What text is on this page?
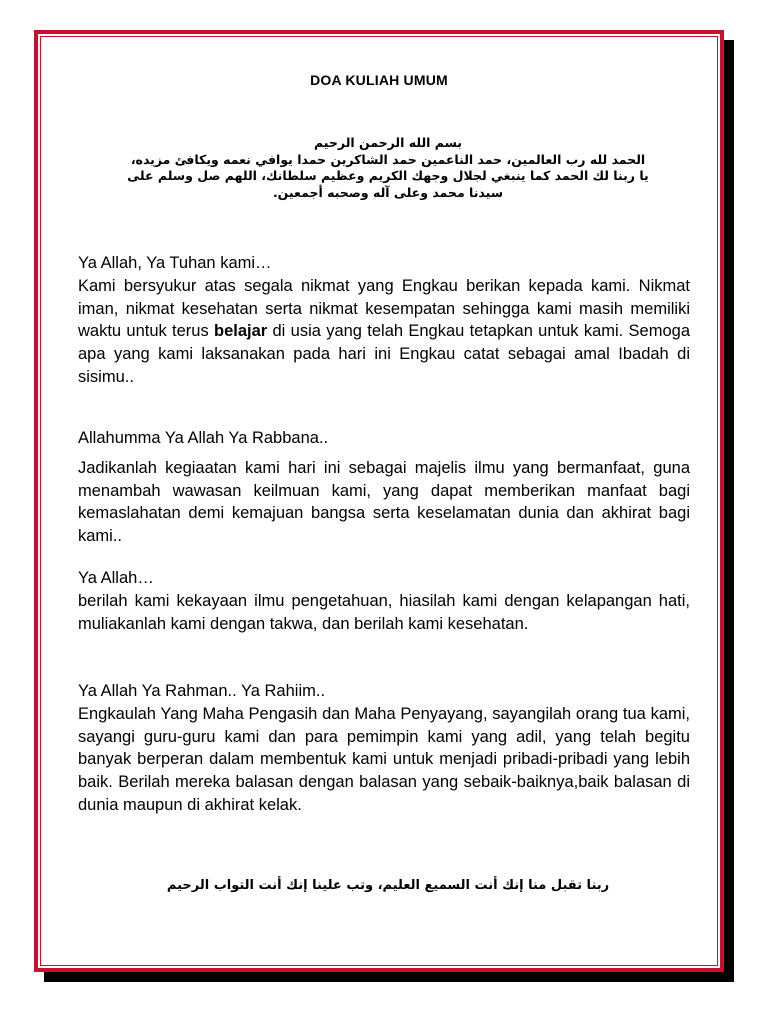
DOA KULIAH UMUM
بسم الله الرحمن الرحيم
الحمد لله رب العالمين، حمد الناعمين حمد الشاكرين حمدا يوافي نعمه ويكافئ مزيده،
يا ربنا لك الحمد كما ينبغي لجلال وجهك الكريم وعظيم سلطانك، اللهم صل وسلم على
سيدنا محمد وعلى آله وصحبه أجمعين.

Ya Allah, Ya Tuhan kami…

Kami bersyukur atas segala nikmat yang Engkau berikan kepada kami. Nikmat iman, nikmat kesehatan serta nikmat kesempatan sehingga kami masih memiliki waktu untuk terus belajar di usia yang telah Engkau tetapkan untuk kami. Semoga apa yang kami laksanakan pada hari ini Engkau catat sebagai amal Ibadah di sisimu..

Allahumma Ya Allah Ya Rabbana..

Jadikanlah kegiaatan kami hari ini sebagai majelis ilmu yang bermanfaat, guna menambah wawasan keilmuan kami, yang dapat memberikan manfaat bagi kemaslahatan demi kemajuan bangsa serta keselamatan dunia dan akhirat bagi kami..

Ya Allah…

berilah kami kekayaan ilmu pengetahuan, hiasilah kami dengan kelapangan hati, muliakanlah kami dengan takwa, dan berilah kami kesehatan.

Ya Allah Ya Rahman.. Ya Rahiim..

Engkaulah Yang Maha Pengasih dan Maha Penyayang, sayangilah orang tua kami, sayangi guru-guru kami dan para pemimpin kami yang adil, yang telah begitu banyak berperan dalam membentuk kami untuk menjadi pribadi-pribadi yang lebih baik. Berilah mereka balasan dengan balasan yang sebaik-baiknya,baik balasan di dunia maupun di akhirat kelak.

ربنا تقبل منا إنك أنت السميع العليم، وتب علينا إنك أنت التواب الرحيم
